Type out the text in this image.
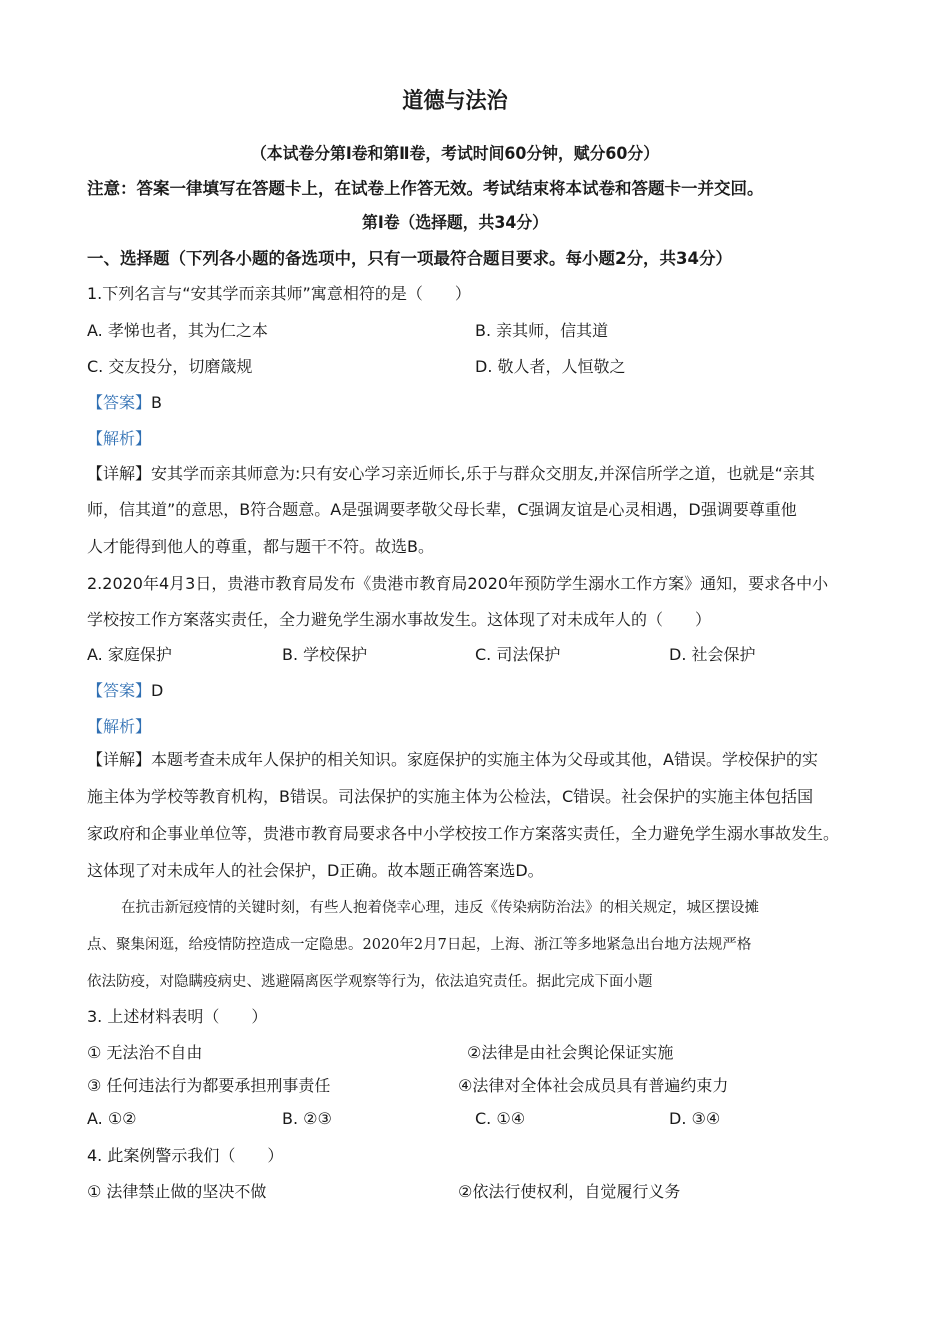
道德与法治
（本试卷分第Ⅰ卷和第Ⅱ卷，考试时间60分钟，赋分60分）
注意：答案一律填写在答题卡上，在试卷上作答无效。考试结束将本试卷和答题卡一并交回。
第Ⅰ卷（选择题，共34分）
一、选择题（下列各小题的备选项中，只有一项最符合题目要求。每小题2分，共34分）
1.下列名言与“安其学而亲其师”寓意相符的是（　　）
A. 孝悌也者，其为仁之本	B. 亲其师，信其道
C. 交友投分，切磨箴规	D. 敬人者，人恒敬之
【答案】B
【解析】
【详解】安其学而亲其师意为:只有安心学习亲近师长,乐于与群众交朋友,并深信所学之道，也就是“亲其
师，信其道”的意思，B符合题意。A是强调要孝敬父母长辈，C强调友谊是心灵相遇，D强调要尊重他
人才能得到他人的尊重，都与题干不符。故选B。
2.2020年4月3日，贵港市教育局发布《贵港市教育局2020年预防学生溺水工作方案》通知，要求各中小
学校按工作方案落实责任，全力避免学生溺水事故发生。这体现了对未成年人的（　　）
A. 家庭保护	B. 学校保护	C. 司法保护	D. 社会保护
【答案】D
【解析】
【详解】本题考查未成年人保护的相关知识。家庭保护的实施主体为父母或其他，A错误。学校保护的实
施主体为学校等教育机构，B错误。司法保护的实施主体为公检法，C错误。社会保护的实施主体包括国
家政府和企事业单位等，贵港市教育局要求各中小学校按工作方案落实责任，全力避免学生溺水事故发生。
这体现了对未成年人的社会保护，D正确。故本题正确答案选D。
在抗击新冠疫情的关键时刻，有些人抱着侥幸心理，违反《传染病防治法》的相关规定，城区摆设摊
点、聚集闲逛，给疫情防控造成一定隐患。2020年2月7日起，上海、浙江等多地紧急出台地方法规严格
依法防疫，对隐瞒疫病史、逃避隔离医学观察等行为，依法追究责任。据此完成下面小题
3. 上述材料表明（　　）
① 无法治不自由	②法律是由社会舆论保证实施
③ 任何违法行为都要承担刑事责任	④法律对全体社会成员具有普遍约束力
A. ①②	B. ②③	C. ①④	D. ③④
4. 此案例警示我们（　　）
① 法律禁止做的坚决不做	②依法行使权利，自觉履行义务
